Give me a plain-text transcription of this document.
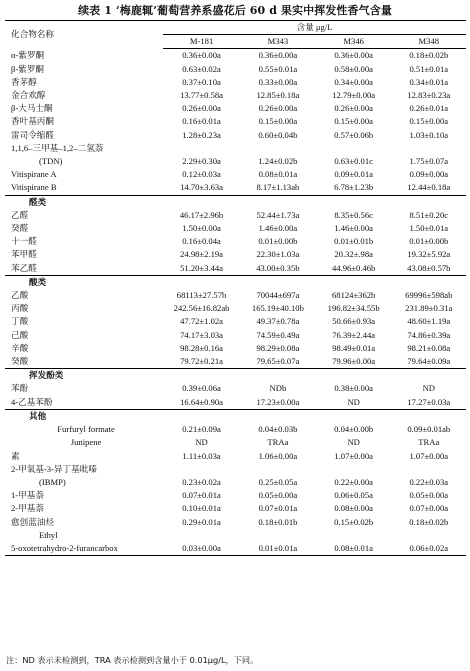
续表 1 ‘梅鹿辄’葡萄营养系盛花后 60 d 果实中挥发性香气含量
化合物名称	含量 μg/L			
	M-181	M343	M346	M348
α-紫罗酮	0.36±0.00a	0.36±0.00a	0.36±0.00a	0.18±0.02b
β-紫罗酮	0.63±0.02a	0.55±0.01a	0.58±0.00a	0.51±0.01a
香茅醇	0.37±0.10a	0.33±0.00a	0.34±0.00a	0.34±0.01a
金合欢醇	13.77±0.58a	12.85±0.18a	12.79±0.00a	12.83±0.23a
β-大马士酮	0.26±0.00a	0.26±0.00a	0.26±0.00a	0.26±0.01a
香叶基丙酮	0.16±0.01a	0.15±0.00a	0.15±0.00a	0.15±0.00a
雷司令缩醛	1.28±0.23a	0.60±0.04b	0.57±0.06b	1.03±0.10a
1,1,6–三甲基–1,2–二氢萘				
(TDN)	2.29±0.30a	1.24±0.02b	0.63±0.01c	1.75±0.07a
Vitispirane A	0.12±0.03a	0.08±0.01a	0.09±0.01a	0.09±0.00a
Vitispirane B	14.70±3.63a	8.17±1.13ab	6.78±1.23b	12.44±0.18a
醛类				
乙醛	46.17±2.96b	52.44±1.73a	8.35±0.56c	8.51±0.20c
癸醛	1.50±0.00a	1.46±0.00a	1.46±0.00a	1.50±0.01a
十一醛	0.16±0.04a	0.01±0.00b	0.01±0.01b	0.01±0.00b
苯甲醛	24.98±2.19a	22.30±1.03a	20.32±.98a	19.32±5.92a
苯乙醛	51.20±3.44a	43.00±0.35b	44.96±0.46b	43.08±0.57b
酸类				
乙酸	68113±27.57b	70044±697a	68124±362b	69996±598ab
丙酸	242.56±16.82ab	165.19±40.10b	196.82±34.55b	231.89±0.31a
丁酸	47.72±1.02a	49.37±0.78a	50.66±0.93a	48.60±1.19a
己酸	74.17±3.03a	74.59±0.49a	76.39±2.44a	74.86±0.39a
辛酸	98.28±0.16a	98.29±0.08a	98.49±0.01a	98.21±0.08a
癸酸	79.72±0.21a	79.65±0.07a	79.96±0.00a	79.64±0.09a
挥发酚类				
苯酚	0.39±0.06a	NDb	0.38±0.00a	ND
4-乙基苯酚	16.64±0.90a	17.23±0.00a	ND	17.27±0.03a
其他				
Furfuryl formate	0.21±0.09a	0.04±0.03b	0.04±0.00b	0.09±0.01ab
Junipene	ND	TRAa	ND	TRAa
素	1.11±0.03a	1.06±0.00a	1.07±0.00a	1.07±0.00a
2-甲氧基-3-异丁基吡嗪				
(IBMP)	0.23±0.02a	0.25±0.05a	0.22±0.00a	0.22±0.03a
1-甲基萘	0.07±0.01a	0.05±0.00a	0.06±0.05a	0.05±0.00a
2-甲基萘	0.10±0.01a	0.07±0.01a	0.08±0.00a	0.07±0.00a
愈创蓝油烃	0.29±0.01a	0.18±0.01b	0.15±0.02b	0.18±0.02b
Ethyl				
5-oxotetrahydro-2-furancarbox	0.03±0.00a	0.01±0.01a	0.08±0.01a	0.06±0.02a
注：ND 表示未检测到，TRA 表示检测到含量小于 0.01μg/L，下同。
